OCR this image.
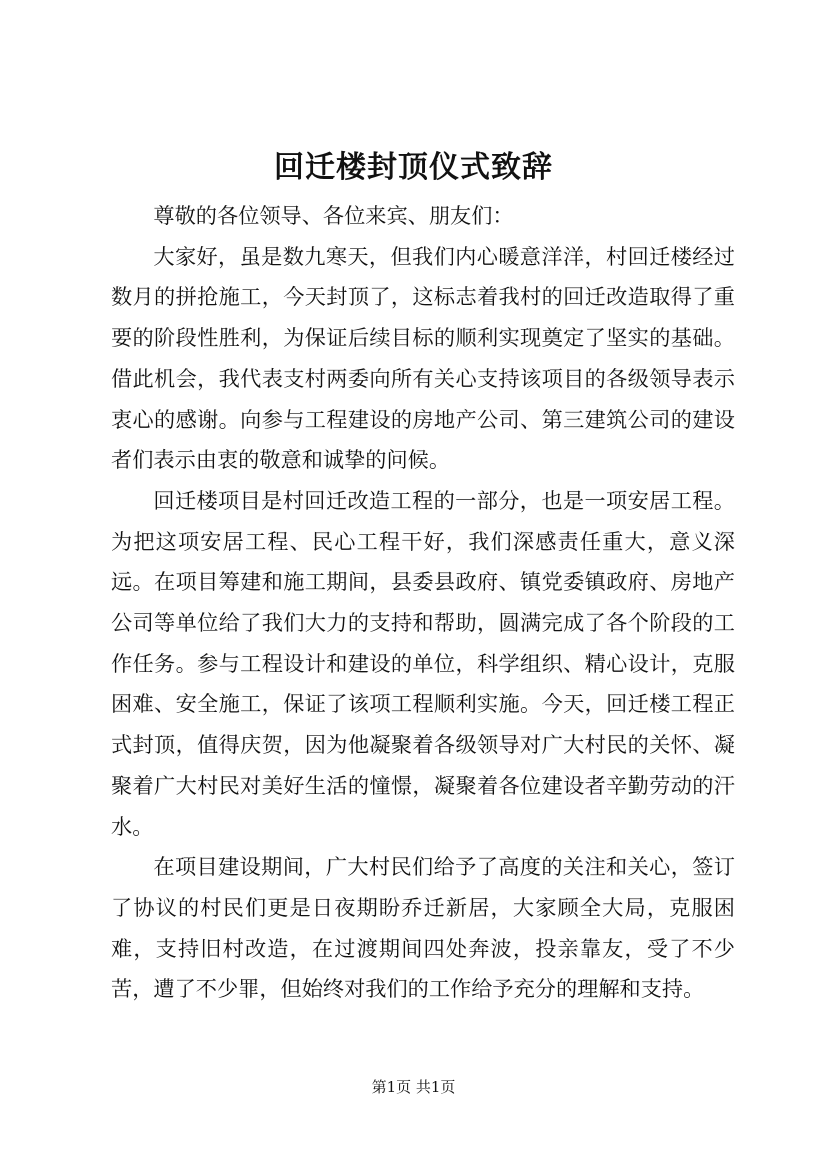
回迁楼封顶仪式致辞

尊敬的各位领导、各位来宾、朋友们：

大家好，虽是数九寒天，但我们内心暖意洋洋，村回迁楼经过数月的拼抢施工，今天封顶了，这标志着我村的回迁改造取得了重要的阶段性胜利，为保证后续目标的顺利实现奠定了坚实的基础。借此机会，我代表支村两委向所有关心支持该项目的各级领导表示衷心的感谢。向参与工程建设的房地产公司、第三建筑公司的建设者们表示由衷的敬意和诚挚的问候。

回迁楼项目是村回迁改造工程的一部分，也是一项安居工程。为把这项安居工程、民心工程干好，我们深感责任重大，意义深远。在项目筹建和施工期间，县委县政府、镇党委镇政府、房地产公司等单位给了我们大力的支持和帮助，圆满完成了各个阶段的工作任务。参与工程设计和建设的单位，科学组织、精心设计，克服困难、安全施工，保证了该项工程顺利实施。今天，回迁楼工程正式封顶，值得庆贺，因为他凝聚着各级领导对广大村民的关怀、凝聚着广大村民对美好生活的憧憬，凝聚着各位建设者辛勤劳动的汗水。

在项目建设期间，广大村民们给予了高度的关注和关心，签订了协议的村民们更是日夜期盼乔迁新居，大家顾全大局，克服困难，支持旧村改造，在过渡期间四处奔波，投亲靠友，受了不少苦，遭了不少罪，但始终对我们的工作给予充分的理解和支持。

第1页 共1页
